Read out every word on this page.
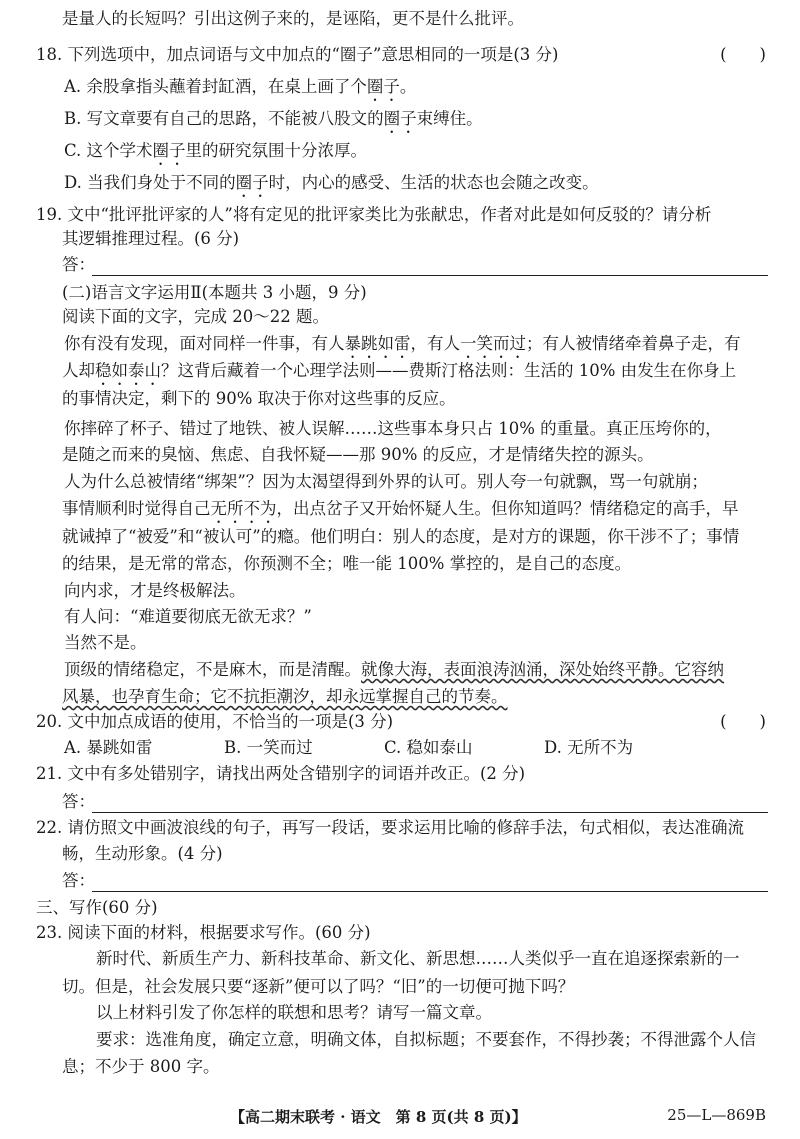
是量人的长短吗？引出这例子来的，是诬陷，更不是什么批评。
18. 下列选项中，加点词语与文中加点的“圈子”意思相同的一项是(3 分)	(　　)
A. 余股拿指头蘸着封缸酒，在桌上画了个圈子。
B. 写文章要有自己的思路，不能被八股文的圈子束缚住。
C. 这个学术圈子里的研究氛围十分浓厚。
D. 当我们身处于不同的圈子时，内心的感受、生活的状态也会随之改变。
19. 文中“批评批评家的人”将有定见的批评家类比为张献忠，作者对此是如何反驳的？请分析
其逻辑推理过程。(6 分)
答：
(二)语言文字运用Ⅱ(本题共 3 小题，9 分)
阅读下面的文字，完成 20～22 题。
你有没有发现，面对同样一件事，有人暴跳如雷，有人一笑而过；有人被情绪牵着鼻子走，有
人却稳如泰山？这背后藏着一个心理学法则——费斯汀格法则：生活的 10% 由发生在你身上
的事情决定，剩下的 90% 取决于你对这些事的反应。
你摔碎了杯子、错过了地铁、被人误解……这些事本身只占 10% 的重量。真正压垮你的，
是随之而来的臭恼、焦虑、自我怀疑——那 90% 的反应，才是情绪失控的源头。
人为什么总被情绪“绑架”？因为太渴望得到外界的认可。别人夸一句就飘，骂一句就崩；
事情顺利时觉得自己无所不为，出点岔子又开始怀疑人生。但你知道吗？情绪稳定的高手，早
就诫掉了“被爱”和“被认可”的瘾。他们明白：别人的态度，是对方的课题，你干涉不了；事情
的结果，是无常的常态，你预测不全；唯一能 100% 掌控的，是自己的态度。
向内求，才是终极解法。
有人问：“难道要彻底无欲无求？”
当然不是。
顶级的情绪稳定，不是麻木，而是清醒。就像大海，表面浪涛汹涌，深处始终平静。它容纳
风暴，也孕育生命；它不抗拒潮汐，却永远掌握自己的节奏。
20. 文中加点成语的使用，不恰当的一项是(3 分)	(　　)
A. 暴跳如雷	B. 一笑而过	C. 稳如泰山	D. 无所不为
21. 文中有多处错别字，请找出两处含错别字的词语并改正。(2 分)
答：
22. 请仿照文中画波浪线的句子，再写一段话，要求运用比喻的修辞手法，句式相似，表达准确流
畅，生动形象。(4 分)
答：
三、写作(60 分)
23. 阅读下面的材料，根据要求写作。(60 分)
新时代、新质生产力、新科技革命、新文化、新思想……人类似乎一直在追逐探索新的一
切。但是，社会发展只要“逐新”便可以了吗？“旧”的一切便可抛下吗？
以上材料引发了你怎样的联想和思考？请写一篇文章。
要求：选准角度，确定立意，明确文体，自拟标题；不要套作，不得抄袭；不得泄露个人信
息；不少于 800 字。
【高二期末联考 · 语文　第 8 页(共 8 页)】	25—L—869B
